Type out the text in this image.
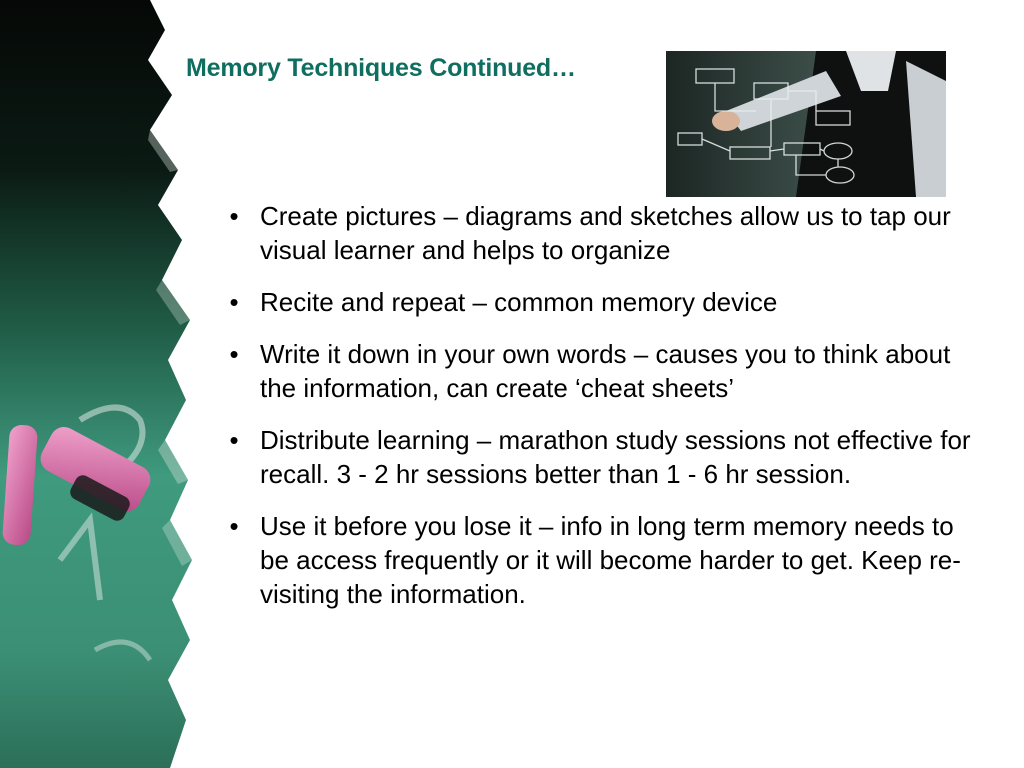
Memory Techniques Continued…
• Create pictures – diagrams and sketches allow us to tap our visual learner and helps to organize
• Recite and repeat – common memory device
• Write it down in your own words – causes you to think about the information, can create ‘cheat sheets’
• Distribute learning – marathon study sessions not effective for recall. 3 - 2 hr sessions better than 1 - 6 hr session.
• Use it before you lose it – info in long term memory needs to be access frequently or it will become harder to get. Keep re-visiting the information.
